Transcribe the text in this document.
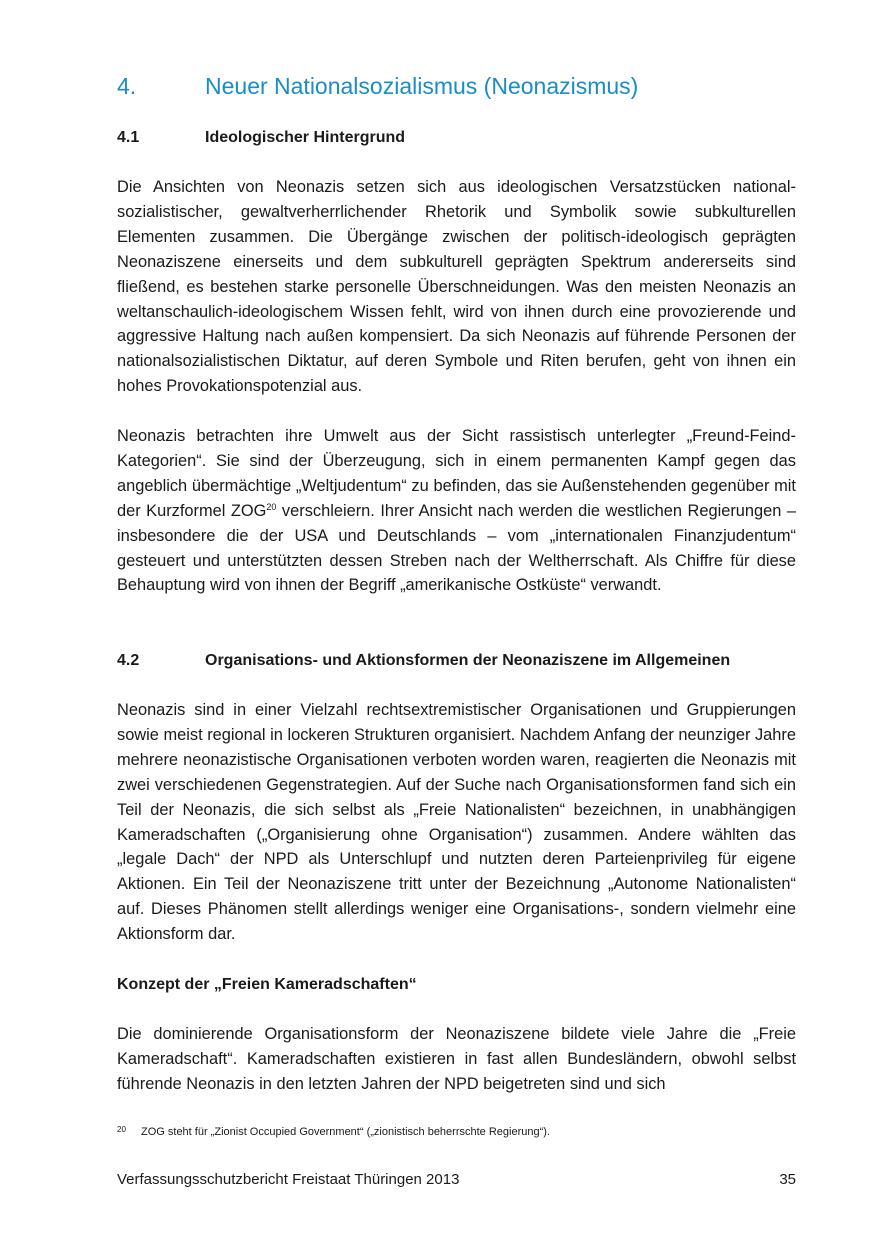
4.	Neuer Nationalsozialismus (Neonazismus)
4.1	Ideologischer Hintergrund

Die Ansichten von Neonazis setzen sich aus ideologischen Versatzstücken nationalsozialistischer, gewaltverherrlichender Rhetorik und Symbolik sowie subkulturellen Elementen zusammen. Die Übergänge zwischen der politisch-ideologisch geprägten Neonaziszene einerseits und dem subkulturell geprägten Spektrum andererseits sind fließend, es bestehen starke personelle Überschneidungen. Was den meisten Neonazis an weltanschaulich-ideologischem Wissen fehlt, wird von ihnen durch eine provozierende und aggressive Haltung nach außen kompensiert. Da sich Neonazis auf führende Personen der nationalsozialistischen Diktatur, auf deren Symbole und Riten berufen, geht von ihnen ein hohes Provokationspotenzial aus.

Neonazis betrachten ihre Umwelt aus der Sicht rassistisch unterlegter „Freund-Feind-Kategorien“. Sie sind der Überzeugung, sich in einem permanenten Kampf gegen das angeblich übermächtige „Weltjudentum“ zu befinden, das sie Außenstehenden gegenüber mit der Kurzformel ZOG$^{20}$ verschleiern. Ihrer Ansicht nach werden die westlichen Regierungen – insbesondere die der USA und Deutschlands – vom „internationalen Finanzjudentum“ gesteuert und unterstützten dessen Streben nach der Weltherrschaft. Als Chiffre für diese Behauptung wird von ihnen der Begriff „amerikanische Ostküste“ verwandt.

4.2	Organisations- und Aktionsformen der Neonaziszene im Allgemeinen

Neonazis sind in einer Vielzahl rechtsextremistischer Organisationen und Gruppierungen sowie meist regional in lockeren Strukturen organisiert. Nachdem Anfang der neunziger Jahre mehrere neonazistische Organisationen verboten worden waren, reagierten die Neonazis mit zwei verschiedenen Gegenstrategien. Auf der Suche nach Organisationsformen fand sich ein Teil der Neonazis, die sich selbst als „Freie Nationalisten“ bezeichnen, in unabhängigen Kameradschaften („Organisierung ohne Organisation“) zusammen. Andere wählten das „legale Dach“ der NPD als Unterschlupf und nutzten deren Parteienprivileg für eigene Aktionen. Ein Teil der Neonaziszene tritt unter der Bezeichnung „Autonome Nationalisten“ auf. Dieses Phänomen stellt allerdings weniger eine Organisations-, sondern vielmehr eine Aktionsform dar.

Konzept der „Freien Kameradschaften“

Die dominierende Organisationsform der Neonaziszene bildete viele Jahre die „Freie Kameradschaft“. Kameradschaften existieren in fast allen Bundesländern, obwohl selbst führende Neonazis in den letzten Jahren der NPD beigetreten sind und sich

20 ZOG steht für „Zionist Occupied Government“ („zionistisch beherrschte Regierung“).
Verfassungsschutzbericht Freistaat Thüringen 2013	35
